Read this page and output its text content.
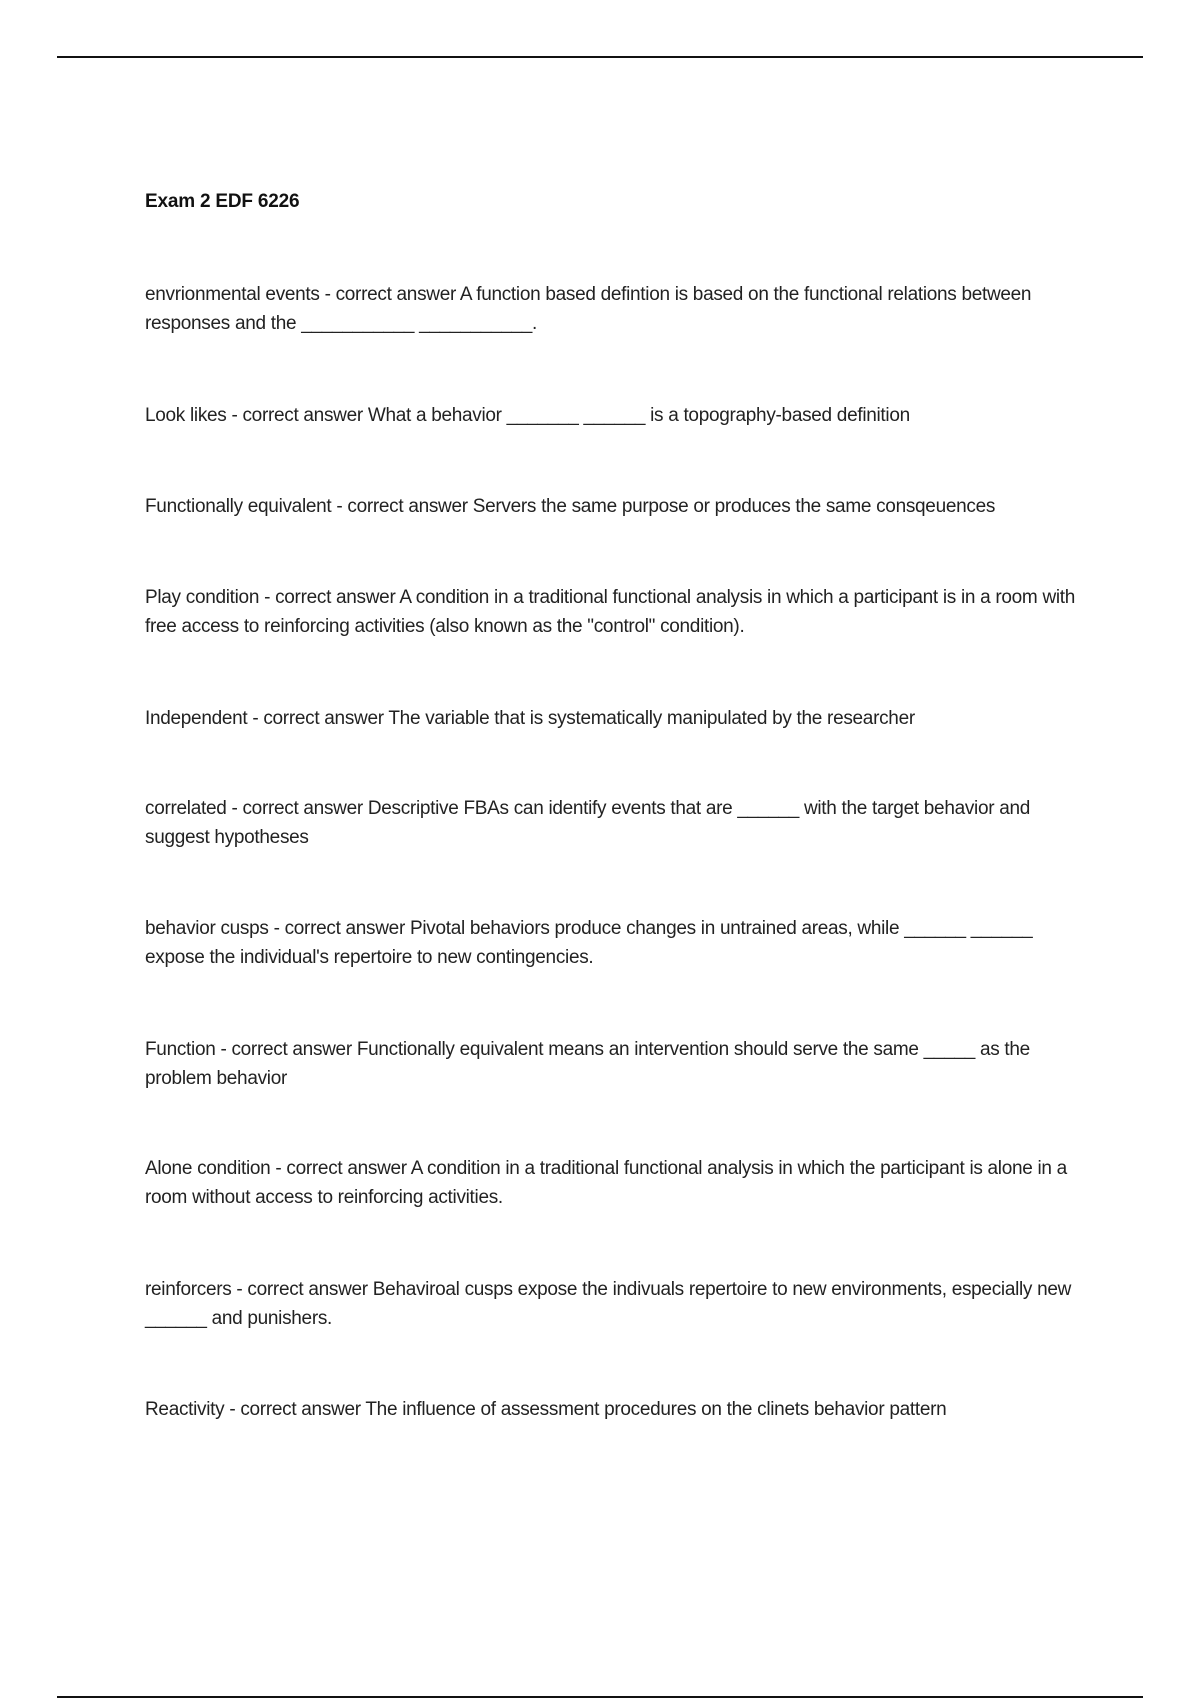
Exam 2 EDF 6226

envrionmental events - correct answer A function based defintion is based on the functional relations between responses and the ___________ ___________.

Look likes - correct answer What a behavior _______ ______ is a topography-based definition

Functionally equivalent - correct answer Servers the same purpose or produces the same consqeuences

Play condition - correct answer A condition in a traditional functional analysis in which a participant is in a room with free access to reinforcing activities (also known as the "control" condition).

Independent - correct answer The variable that is systematically manipulated by the researcher

correlated - correct answer Descriptive FBAs can identify events that are ______ with the target behavior and suggest hypotheses

behavior cusps - correct answer Pivotal behaviors produce changes in untrained areas, while ______ ______ expose the individual's repertoire to new contingencies.

Function - correct answer Functionally equivalent means an intervention should serve the same _____ as the problem behavior

Alone condition - correct answer A condition in a traditional functional analysis in which the participant is alone in a room without access to reinforcing activities.

reinforcers - correct answer Behaviroal cusps expose the indivuals repertoire to new environments, especially new ______ and punishers.

Reactivity - correct answer The influence of assessment procedures on the clinets behavior pattern
